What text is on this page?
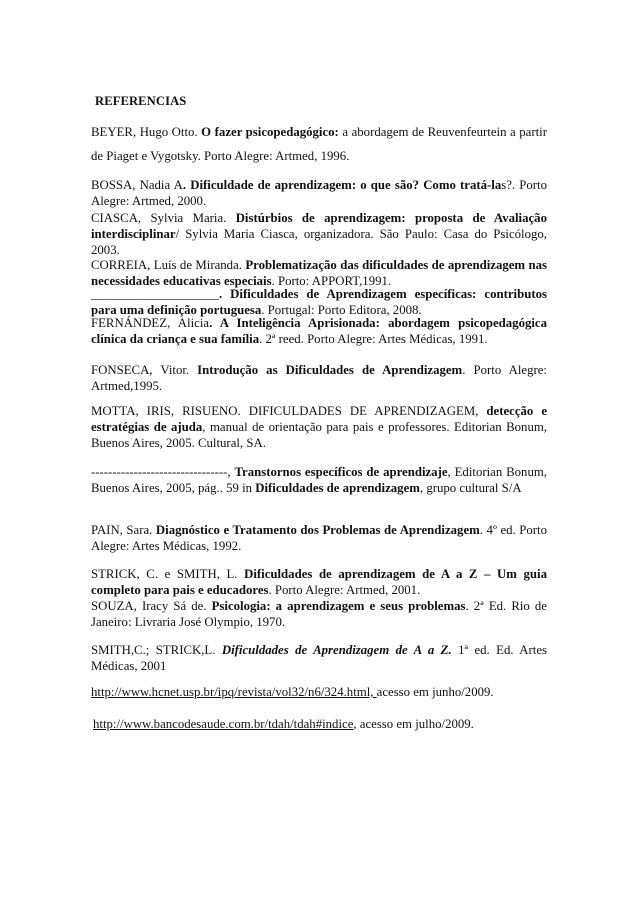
REFERENCIAS
BEYER, Hugo Otto. O fazer psicopedagógico: a abordagem de Reuvenfeurtein a partir de Piaget e Vygotsky. Porto Alegre: Artmed, 1996.
BOSSA, Nadia A. Dificuldade de aprendizagem: o que são? Como tratá-las?. Porto Alegre: Artmed, 2000.
CIASCA, Sylvia Maria. Distúrbios de aprendizagem: proposta de Avaliação interdisciplinar/ Sylvia Maria Ciasca, organizadora. São Paulo: Casa do Psicólogo, 2003.
CORREIA, Luís de Miranda. Problematização das dificuldades de aprendizagem nas necessidades educativas especiais. Porto: APPORT,1991.
____________________. Dificuldades de Aprendizagem específicas: contributos para uma definição portuguesa. Portugal: Porto Editora, 2008.
FERNÁNDEZ, Alicia. A Inteligência Aprisionada: abordagem psicopedagógica clínica da criança e sua família. 2ª reed. Porto Alegre: Artes Médicas, 1991.
FONSECA, Vitor. Introdução as Dificuldades de Aprendizagem. Porto Alegre: Artmed,1995.
MOTTA, IRIS, RISUENO. DIFICULDADES DE APRENDIZAGEM, detecção e estratégias de ajuda, manual de orientação para pais e professores. Editorian Bonum, Buenos Aires, 2005. Cultural, SA.
--------------------------------, Transtornos específicos de aprendizaje, Editorian Bonum, Buenos Aires, 2005, pág.. 59 in Dificuldades de aprendizagem, grupo cultural S/A
PAIN, Sara. Diagnóstico e Tratamento dos Problemas de Aprendizagem. 4º ed. Porto Alegre: Artes Médicas, 1992.
STRICK, C. e SMITH, L. Dificuldades de aprendizagem de A a Z – Um guia completo para pais e educadores. Porto Alegre: Artmed, 2001.
SOUZA, Iracy Sá de. Psicologia: a aprendizagem e seus problemas. 2ª Ed. Rio de Janeiro: Livraria José Olympio, 1970.
SMITH,C.; STRICK,L. Dificuldades de Aprendizagem de A a Z. 1ª ed. Ed. Artes Médicas, 2001
http://www.hcnet.usp.br/ipq/revista/vol32/n6/324.html, acesso em junho/2009.
http://www.bancodesaude.com.br/tdah/tdah#indice, acesso em julho/2009.
